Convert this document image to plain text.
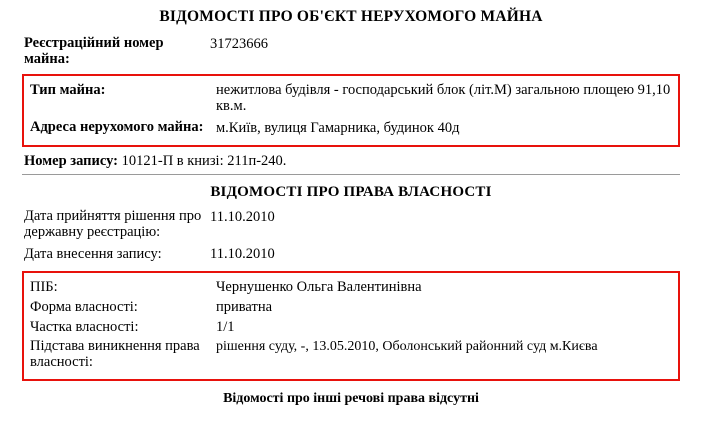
ВІДОМОСТІ ПРО ОБ'ЄКТ НЕРУХОМОГО МАЙНА
Реєстраційний номер майна:
31723666
Тип майна:	нежитлова будівля - господарський блок (літ.М) загальною площею 91,10 кв.м.
Адреса нерухомого майна: м.Київ, вулиця Гамарника, будинок 40д
Номер запису: 10121-П в книзі: 211п-240.
ВІДОМОСТІ ПРО ПРАВА ВЛАСНОСТІ
Дата прийняття рішення про державну реєстрацію:
11.10.2010
Дата внесення запису:	11.10.2010
ПІБ:	Чернушенко Ольга Валентинівна
Форма власності:	приватна
Частка власності:	1/1
Підстава виникнення права власності:
рішення суду, -, 13.05.2010, Оболонський районний суд м.Києва
Відомості про інші речові права відсутні
